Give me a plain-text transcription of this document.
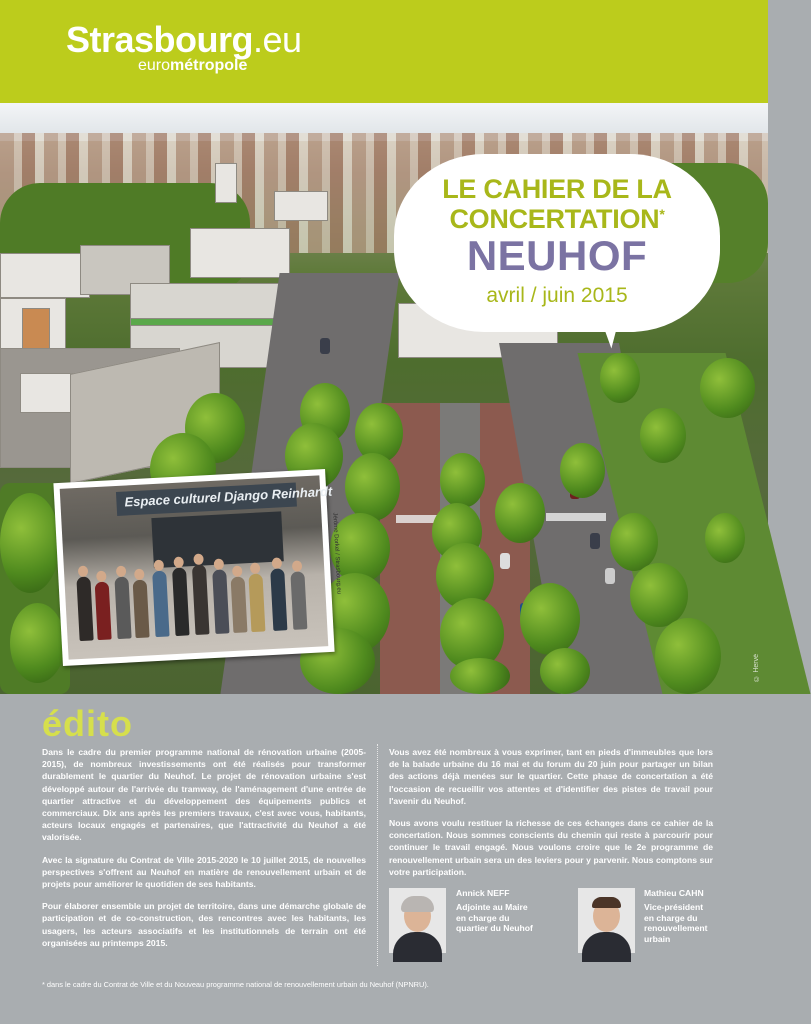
Strasbourg.eu
eurométropole
© Hervé
LE CAHIER DE LA
CONCERTATION*
NEUHOF
avril / juin 2015
Espace culturel Django Reinhardt
Jérôme Dorkel / Strasbourg.eu
édito

Dans le cadre du premier programme national de rénovation urbaine (2005-2015), de nombreux investissements ont été réalisés pour transformer durablement le quartier du Neuhof. Le projet de rénovation urbaine s'est développé autour de l'arrivée du tramway, de l'aménagement d'une entrée de quartier attractive et du développement des équipements publics et commerciaux. Dix ans après les premiers travaux, c'est avec vous, habitants, acteurs locaux engagés et partenaires, que l'attractivité du Neuhof a été valorisée.

Avec la signature du Contrat de Ville 2015-2020 le 10 juillet 2015, de nouvelles perspectives s'offrent au Neuhof en matière de renouvellement urbain et de projets pour améliorer le quotidien de ses habitants.

Pour élaborer ensemble un projet de territoire, dans une démarche globale de participation et de co-construction, des rencontres avec les habitants, les usagers, les acteurs associatifs et les institutionnels de terrain ont été organisées au printemps 2015.

Vous avez été nombreux à vous exprimer, tant en pieds d'immeubles que lors de la balade urbaine du 16 mai et du forum du 20 juin pour partager un bilan des actions déjà menées sur le quartier. Cette phase de concertation a été l'occasion de recueillir vos attentes et d'identifier des pistes de travail pour l'avenir du Neuhof.

Nous avons voulu restituer la richesse de ces échanges dans ce cahier de la concertation. Nous sommes conscients du chemin qui reste à parcourir pour continuer le travail engagé. Nous voulons croire que le 2e programme de renouvellement urbain sera un des leviers pour y parvenir. Nous comptons sur votre participation.

Annick NEFF
Adjointe au Maire
en charge du
quartier du Neuhof
Mathieu CAHN
Vice-président
en charge du
renouvellement
urbain
* dans le cadre du Contrat de Ville et du Nouveau programme national de renouvellement urbain du Neuhof (NPNRU).
